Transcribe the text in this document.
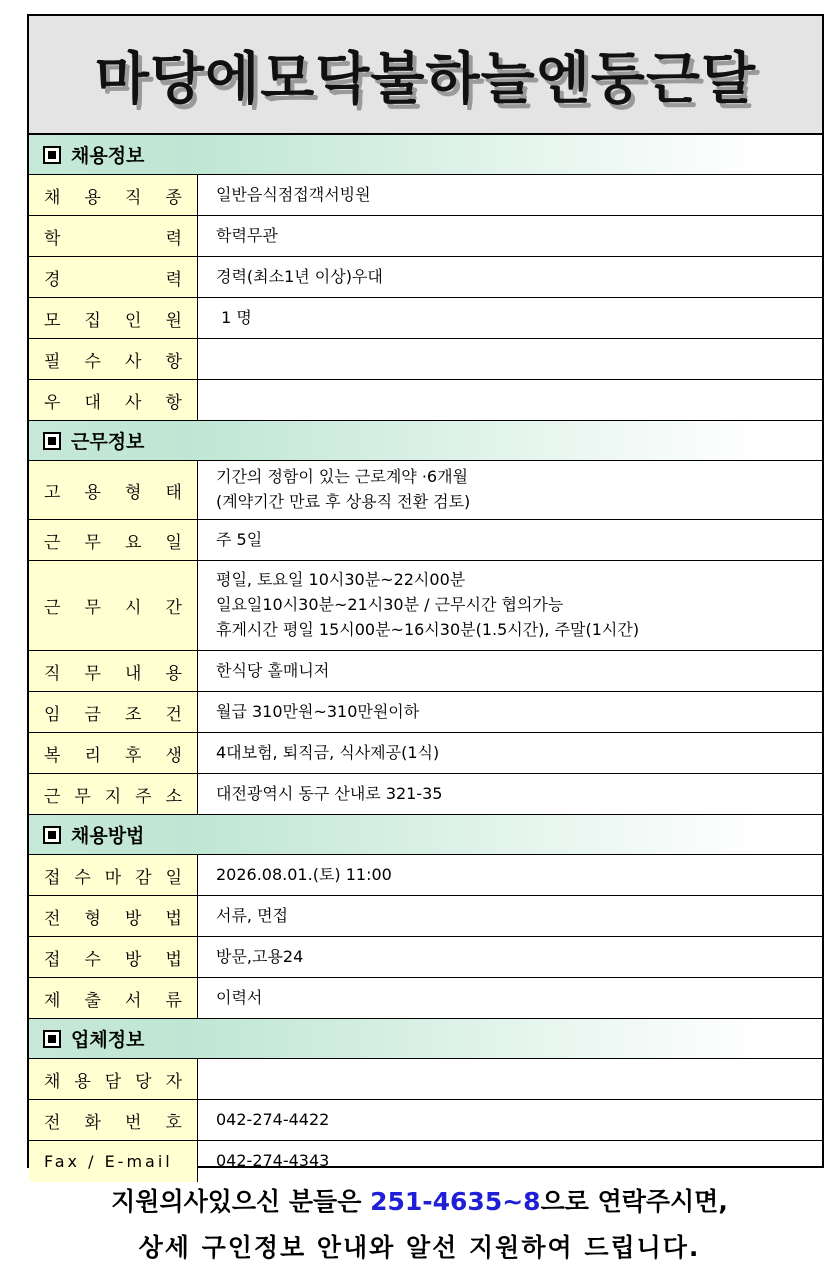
마당에모닥불하늘엔둥근달
채용정보
채 용 직 종 일반음식점접객서빙원
학	력 학력무관
경	력 경력(최소1년 이상)우대
모 집 인 원 1 명
필 수 사 항
우 대 사 항
근무정보
고 용 형 태
기간의 정함이 있는 근로계약 ·6개월
(계약기간 만료 후 상용직 전환 검토)
근 무 요 일 주 5일
근 무 시 간
평일, 토요일 10시30분~22시00분
일요일10시30분~21시30분 / 근무시간 협의가능
휴게시간 평일 15시00분~16시30분(1.5시간), 주말(1시간)
직 무 내 용 한식당 홀매니저
임 금 조 건 월급 310만원~310만원이하
복 리 후 생 4대보험, 퇴직금, 식사제공(1식)
근 무 지 주 소 대전광역시 동구 산내로 321-35
채용방법
접 수 마 감 일 2026.08.01.(토) 11:00
전 형 방 법 서류, 면접
접 수 방 법 방문,고용24
제 출 서 류 이력서
업체정보
채 용 담 당 자
전 화 번 호 042-274-4422
Fax / E-mail	042-274-4343
지원의사있으신 분들은 251-4635~8으로 연락주시면,
상세 구인정보 안내와 알선 지원하여 드립니다.
